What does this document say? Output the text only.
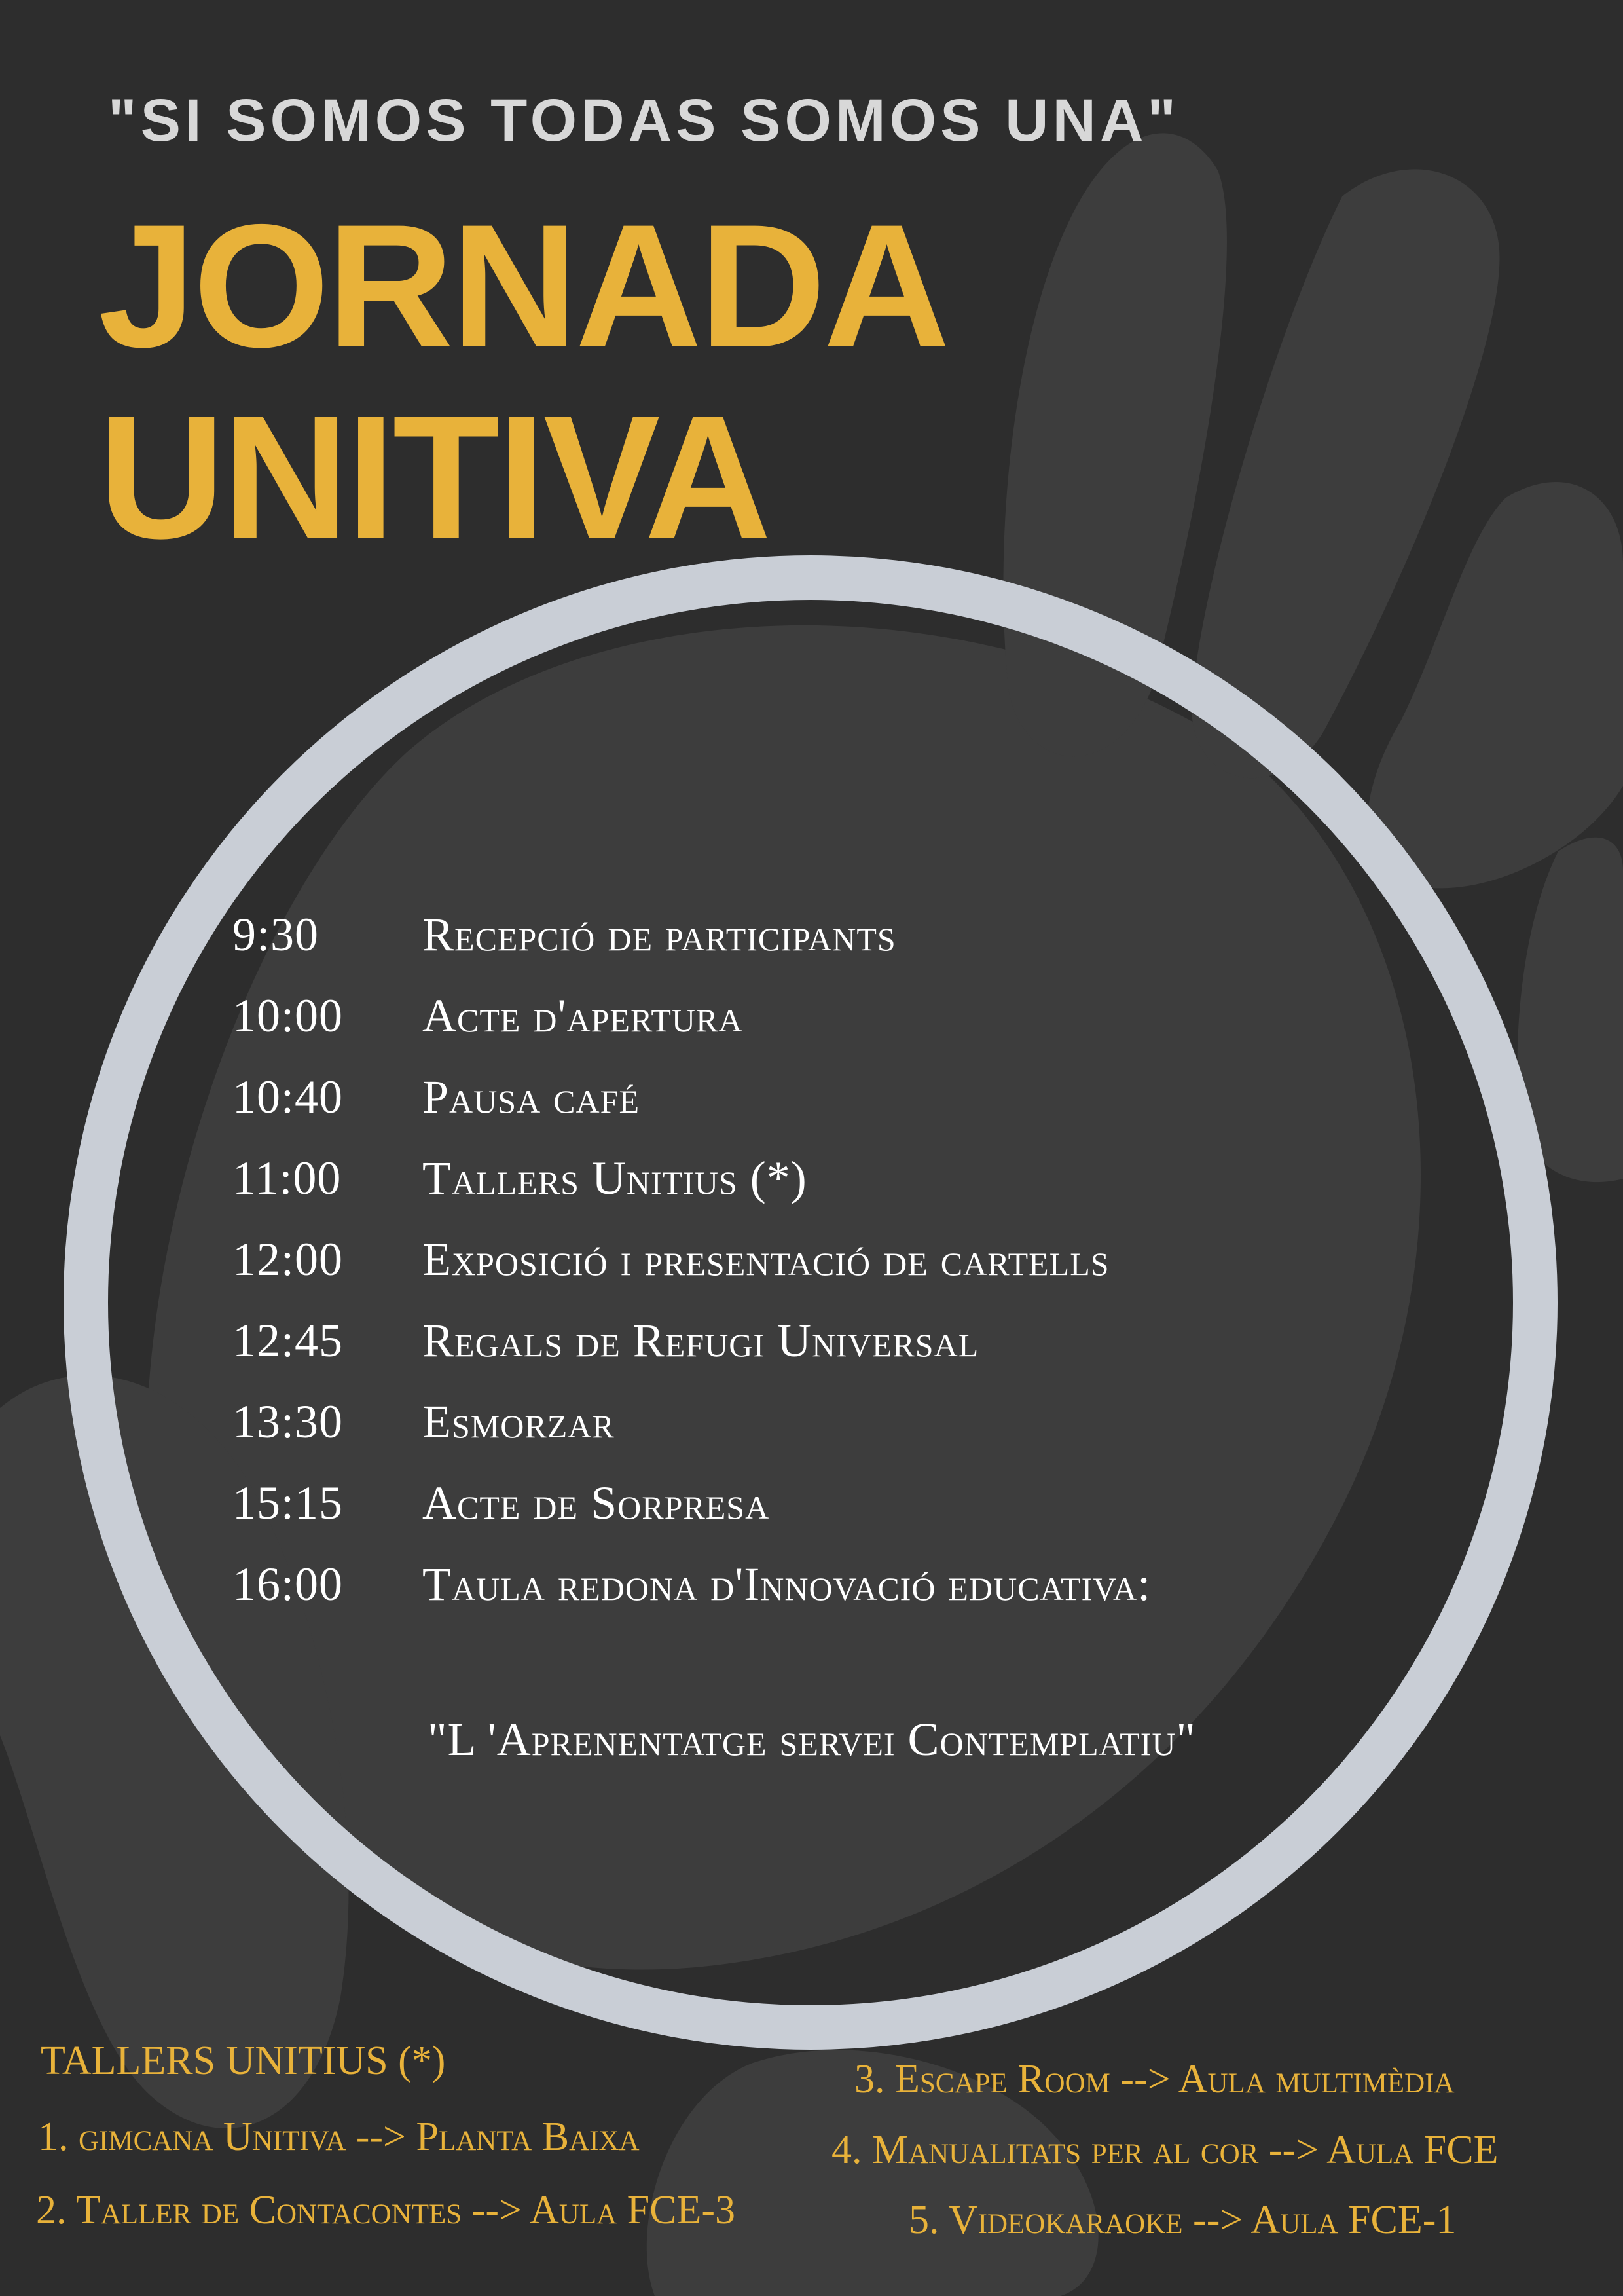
"SI SOMOS TODAS SOMOS UNA"
JORNADA
UNITIVA
9:30	Recepció de participants
10:00	Acte d'apertura
10:40	Pausa café
11:00	Tallers Unitius (*)
12:00	Exposició i presentació de cartells
12:45	Regals de Refugi Universal
13:30	Esmorzar
15:15	Acte de Sorpresa
16:00	Taula redona d'Innovació educativa:
"L 'Aprenentatge servei Contemplatiu"
TALLERS UNITIUS (*)
1. gimcana Unitiva --> Planta Baixa
2. Taller de Contacontes --> Aula FCE-3
3. Escape Room --> Aula multimèdia
4. Manualitats per al cor --> Aula FCE
5. Videokaraoke --> Aula FCE-1
